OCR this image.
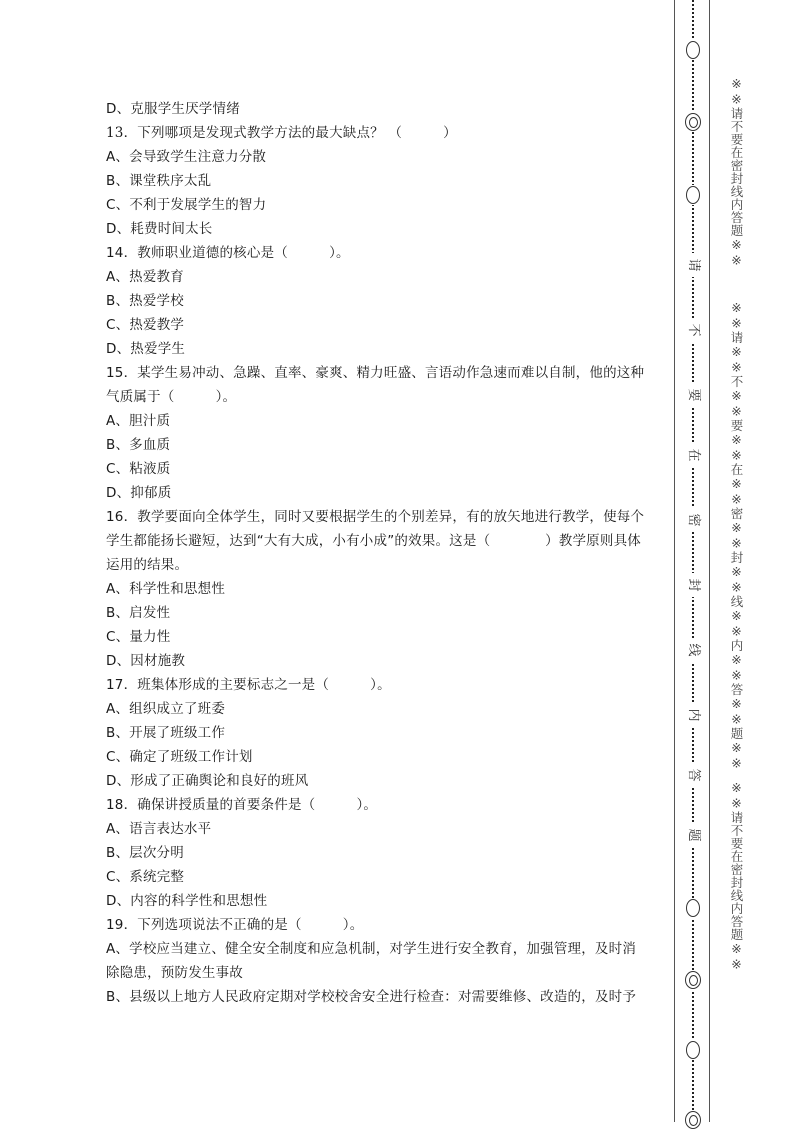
D、克服学生厌学情绪
13．下列哪项是发现式教学方法的最大缺点？ （　　　）
A、会导致学生注意力分散
B、课堂秩序太乱
C、不利于发展学生的智力
D、耗费时间太长
14．教师职业道德的核心是（　　　）。
A、热爱教育
B、热爱学校
C、热爱教学
D、热爱学生
15．某学生易冲动、急躁、直率、豪爽、精力旺盛、言语动作急速而难以自制，他的这种
气质属于（　　　）。
A、胆汁质
B、多血质
C、粘液质
D、抑郁质
16．教学要面向全体学生，同时又要根据学生的个别差异，有的放矢地进行教学，使每个
学生都能扬长避短，达到“大有大成，小有小成”的效果。这是（　　　　）教学原则具体
运用的结果。
A、科学性和思想性
B、启发性
C、量力性
D、因材施教
17．班集体形成的主要标志之一是（　　　）。
A、组织成立了班委
B、开展了班级工作
C、确定了班级工作计划
D、形成了正确舆论和良好的班风
18．确保讲授质量的首要条件是（　　　）。
A、语言表达水平
B、层次分明
C、系统完整
D、内容的科学性和思想性
19．下列选项说法不正确的是（　　　）。
A、学校应当建立、健全安全制度和应急机制，对学生进行安全教育，加强管理，及时消
除隐患，预防发生事故
B、县级以上地方人民政府定期对学校校舍安全进行检查：对需要维修、改造的，及时予
请
不
要
在
密
封
线
内
答
题
※※请不要在密封线内答题※※
※※请※※不※※要※※在※※密※※封※※线※※内※※答※※题※※
※※请不要在密封线内答题※※
